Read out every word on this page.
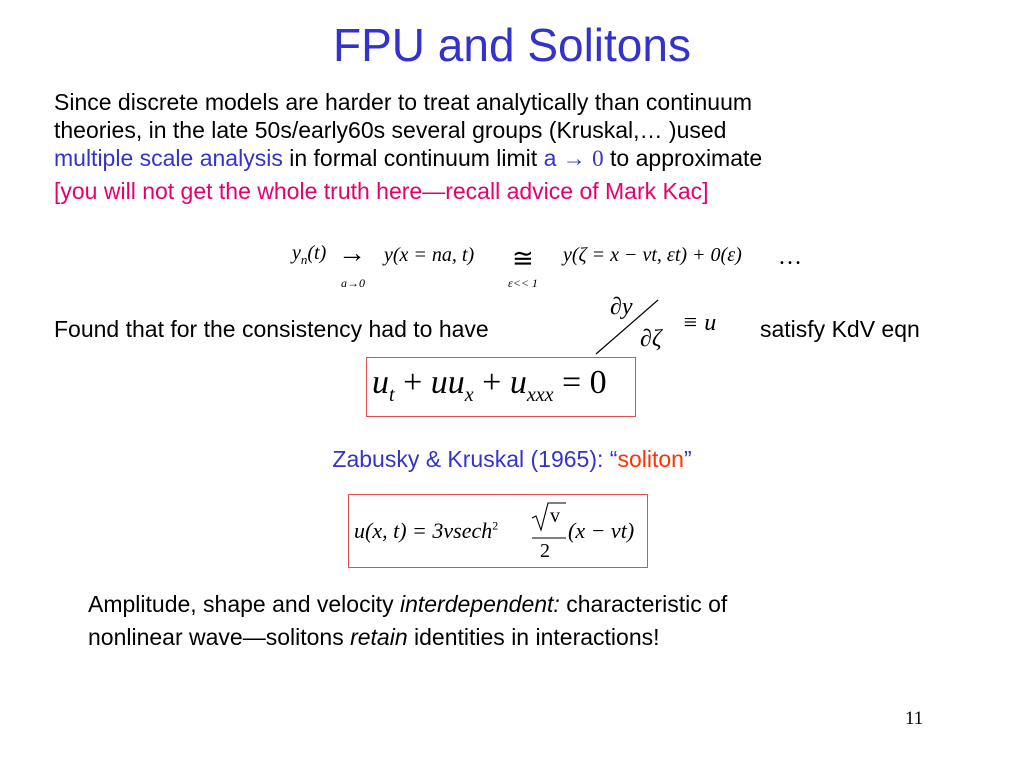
FPU and Solitons
Since discrete models are harder to treat analytically than continuum
theories, in the late 50s/early60s several groups (Kruskal,… )used
multiple scale analysis in formal continuum limit a → 0 to approximate
[you will not get the whole truth here—recall advice of Mark Kac]
$y_n(t)$ →
a→0
y(x = na, t) ≅
ε<< 1
y(ζ = x − vt, εt) + 0(ε) …
Found that for the consistency had to have
∂y
∂ζ
≡ u satisfy KdV eqn
$u_t + uu_x + u_{xxx} = 0$
Zabusky & Kruskal (1965): “soliton”
u(x, t) = 3vsech$^2$	v
2
(x − vt)
Amplitude, shape and velocity interdependent: characteristic of
nonlinear wave—solitons retain identities in interactions!
11
